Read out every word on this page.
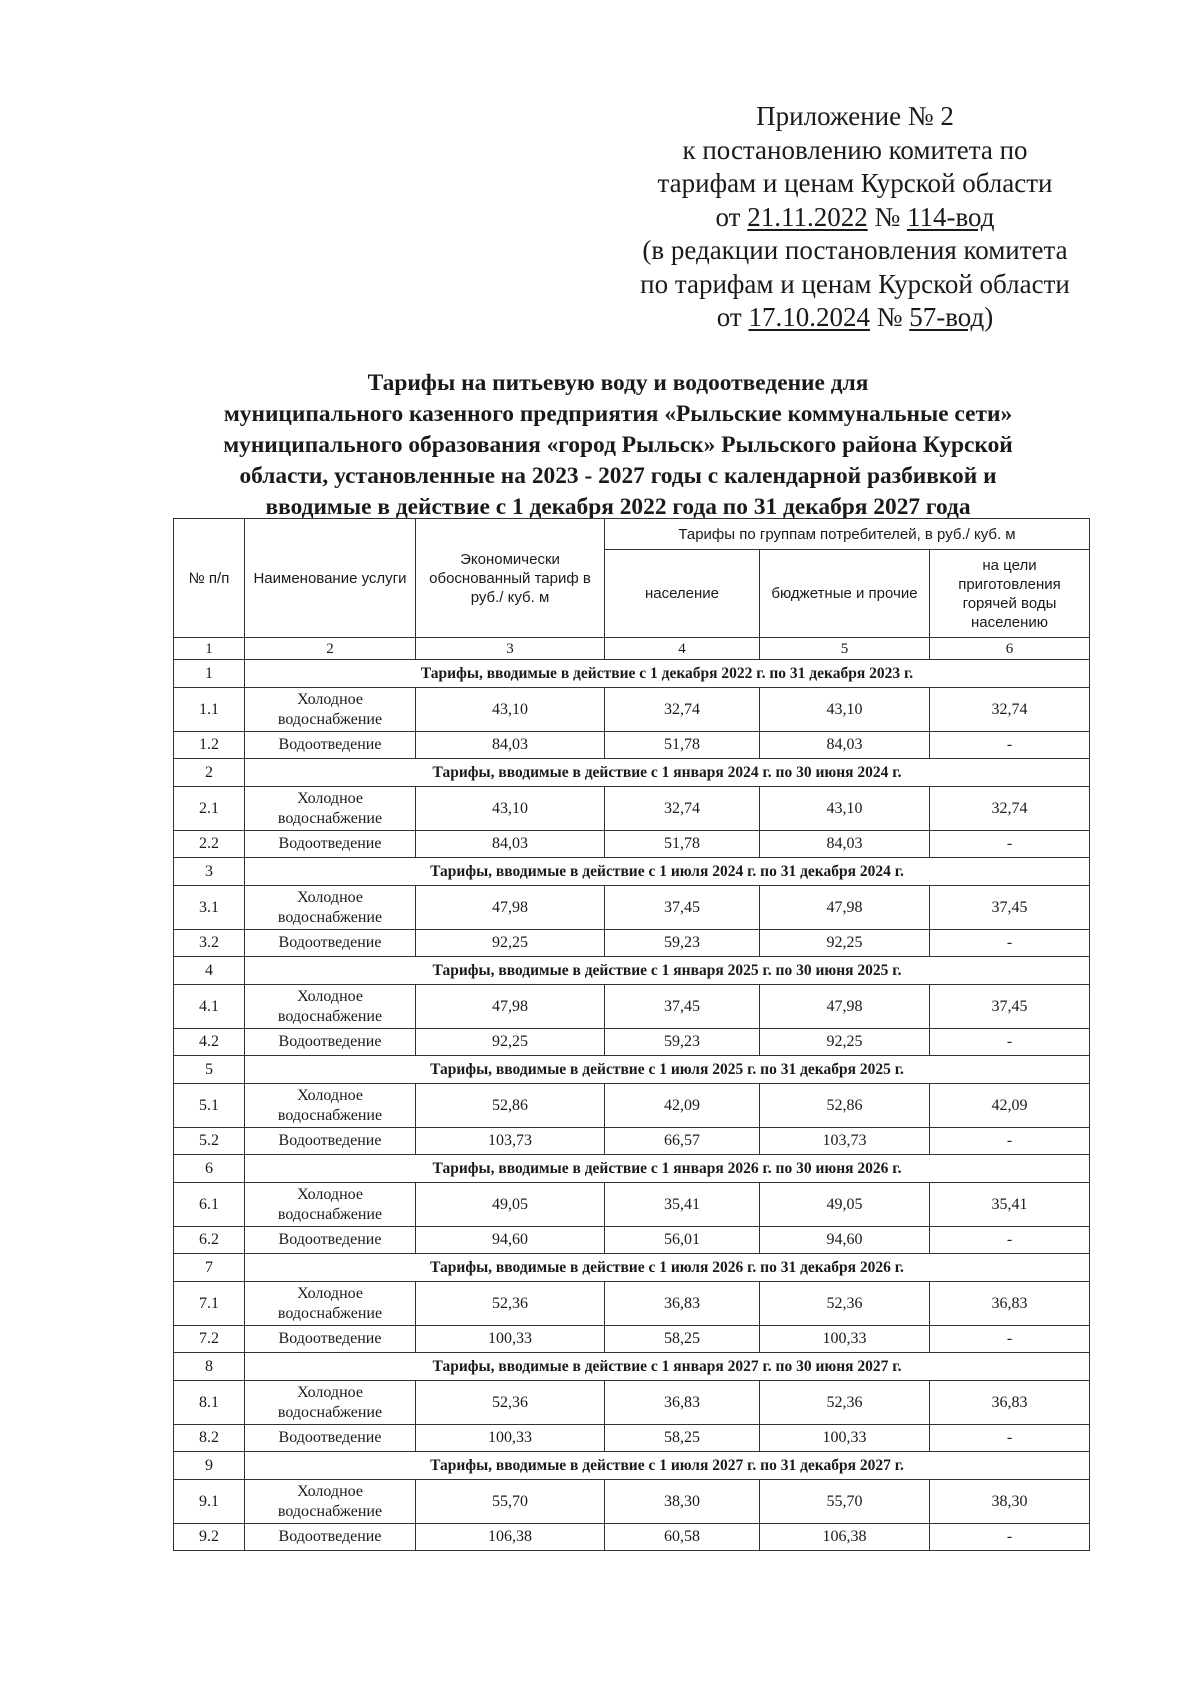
Приложение № 2
к постановлению комитета по
тарифам и ценам Курской области
от 21.11.2022 № 114-вод
(в редакции постановления комитета
по тарифам и ценам Курской области
от 17.10.2024 № 57-вод)
Тарифы на питьевую воду и водоотведение для
муниципального казенного предприятия «Рыльские коммунальные сети»
муниципального образования «город Рыльск» Рыльского района Курской
области, установленные на 2023 - 2027 годы с календарной разбивкой и
вводимые в действие с 1 декабря 2022 года по 31 декабря 2027 года
№ п/п	Наименование услуги	Экономически обоснованный тариф в руб./ куб. м	Тарифы по группам потребителей, в руб./ куб. м		
			население	бюджетные и прочие	на цели приготовления горячей воды населению
1	2	3	4	5	6
1	Тарифы, вводимые в действие с 1 декабря 2022 г. по 31 декабря 2023 г.				
1.1	Холодное водоснабжение	43,10	32,74	43,10	32,74
1.2	Водоотведение	84,03	51,78	84,03	-
2	Тарифы, вводимые в действие с 1 января 2024 г. по 30 июня 2024 г.				
2.1	Холодное водоснабжение	43,10	32,74	43,10	32,74
2.2	Водоотведение	84,03	51,78	84,03	-
3	Тарифы, вводимые в действие с 1 июля 2024 г. по 31 декабря 2024 г.				
3.1	Холодное водоснабжение	47,98	37,45	47,98	37,45
3.2	Водоотведение	92,25	59,23	92,25	-
4	Тарифы, вводимые в действие с 1 января 2025 г. по 30 июня 2025 г.				
4.1	Холодное водоснабжение	47,98	37,45	47,98	37,45
4.2	Водоотведение	92,25	59,23	92,25	-
5	Тарифы, вводимые в действие с 1 июля 2025 г. по 31 декабря 2025 г.				
5.1	Холодное водоснабжение	52,86	42,09	52,86	42,09
5.2	Водоотведение	103,73	66,57	103,73	-
6	Тарифы, вводимые в действие с 1 января 2026 г. по 30 июня 2026 г.				
6.1	Холодное водоснабжение	49,05	35,41	49,05	35,41
6.2	Водоотведение	94,60	56,01	94,60	-
7	Тарифы, вводимые в действие с 1 июля 2026 г. по 31 декабря 2026 г.				
7.1	Холодное водоснабжение	52,36	36,83	52,36	36,83
7.2	Водоотведение	100,33	58,25	100,33	-
8	Тарифы, вводимые в действие с 1 января 2027 г. по 30 июня 2027 г.				
8.1	Холодное водоснабжение	52,36	36,83	52,36	36,83
8.2	Водоотведение	100,33	58,25	100,33	-
9	Тарифы, вводимые в действие с 1 июля 2027 г. по 31 декабря 2027 г.				
9.1	Холодное водоснабжение	55,70	38,30	55,70	38,30
9.2	Водоотведение	106,38	60,58	106,38	-
